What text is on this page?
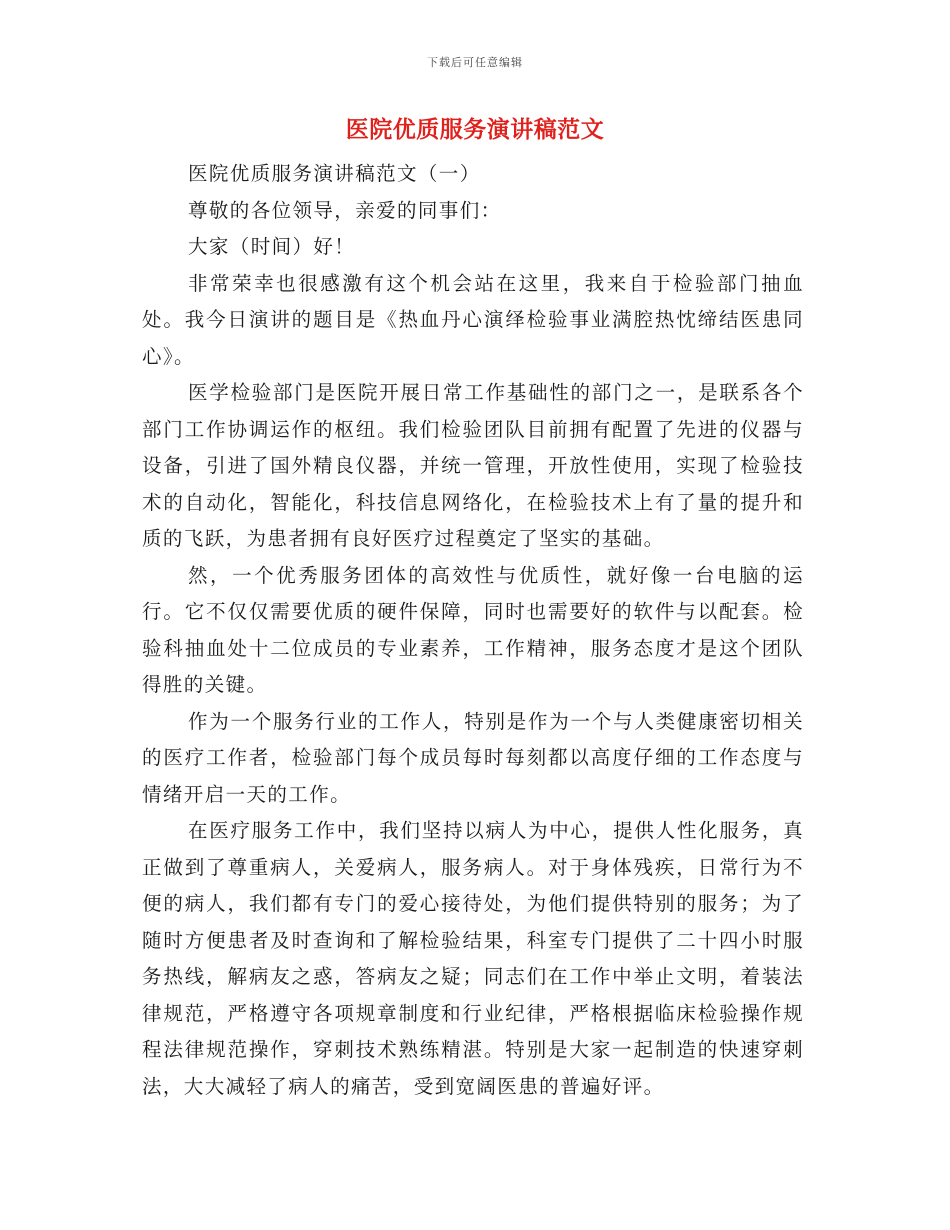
下载后可任意编辑
医院优质服务演讲稿范文

医院优质服务演讲稿范文（一）

尊敬的各位领导，亲爱的同事们：

大家（时间）好！

非常荣幸也很感激有这个机会站在这里，我来自于检验部门抽血处。我今日演讲的题目是《热血丹心演绎检验事业满腔热忱缔结医患同心》。

医学检验部门是医院开展日常工作基础性的部门之一，是联系各个部门工作协调运作的枢纽。我们检验团队目前拥有配置了先进的仪器与设备，引进了国外精良仪器，并统一管理，开放性使用，实现了检验技术的自动化，智能化，科技信息网络化，在检验技术上有了量的提升和质的飞跃，为患者拥有良好医疗过程奠定了坚实的基础。

然，一个优秀服务团体的高效性与优质性，就好像一台电脑的运行。它不仅仅需要优质的硬件保障，同时也需要好的软件与以配套。检验科抽血处十二位成员的专业素养，工作精神，服务态度才是这个团队得胜的关键。

作为一个服务行业的工作人，特别是作为一个与人类健康密切相关的医疗工作者，检验部门每个成员每时每刻都以高度仔细的工作态度与情绪开启一天的工作。

在医疗服务工作中，我们坚持以病人为中心，提供人性化服务，真正做到了尊重病人，关爱病人，服务病人。对于身体残疾，日常行为不便的病人，我们都有专门的爱心接待处，为他们提供特别的服务；为了随时方便患者及时查询和了解检验结果，科室专门提供了二十四小时服务热线，解病友之惑，答病友之疑；同志们在工作中举止文明，着装法律规范，严格遵守各项规章制度和行业纪律，严格根据临床检验操作规程法律规范操作，穿刺技术熟练精湛。特别是大家一起制造的快速穿刺法，大大减轻了病人的痛苦，受到宽阔医患的普遍好评。
